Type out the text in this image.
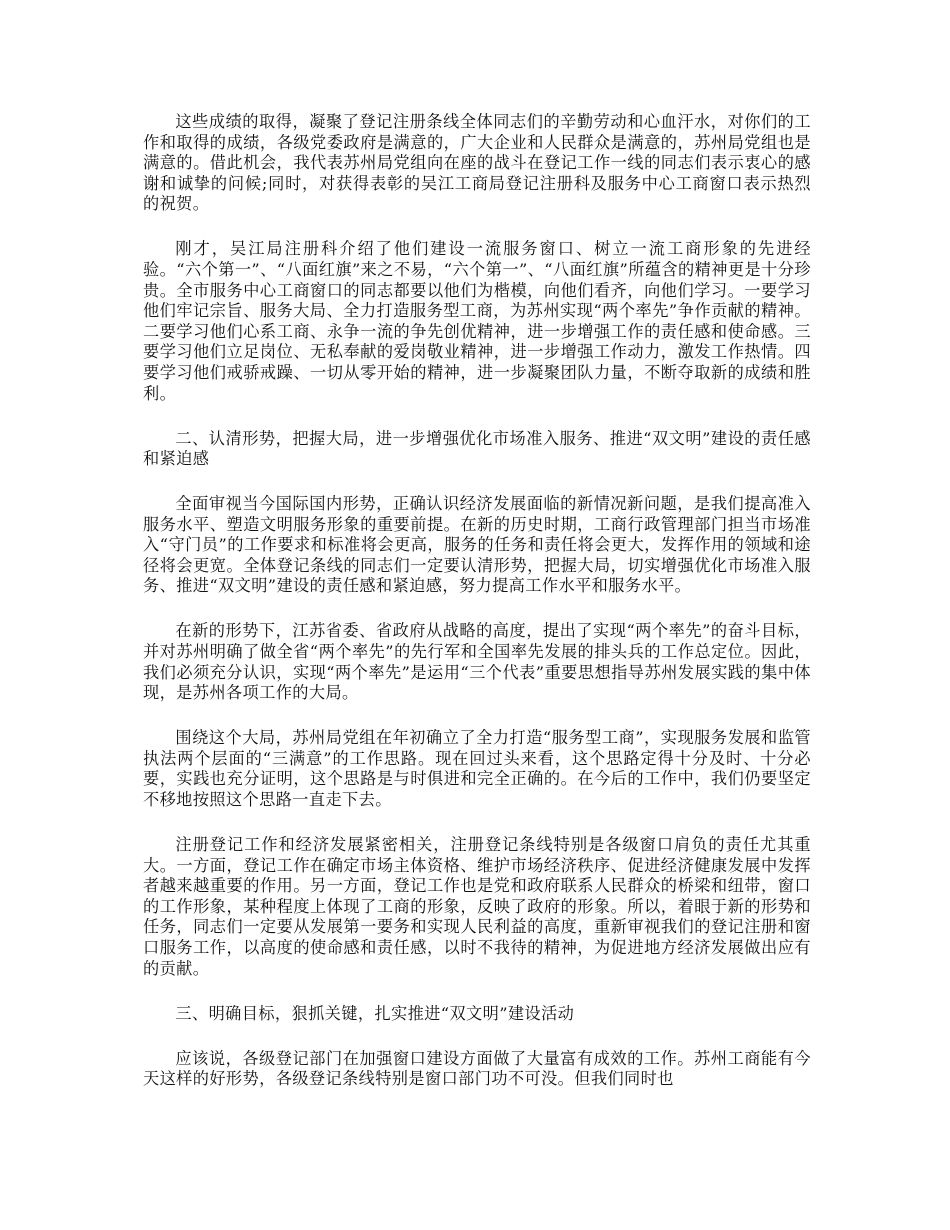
这些成绩的取得，凝聚了登记注册条线全体同志们的辛勤劳动和心血汗水，对你们的工作和取得的成绩，各级党委政府是满意的，广大企业和人民群众是满意的，苏州局党组也是满意的。借此机会，我代表苏州局党组向在座的战斗在登记工作一线的同志们表示衷心的感谢和诚挚的问候;同时，对获得表彰的吴江工商局登记注册科及服务中心工商窗口表示热烈的祝贺。

刚才，吴江局注册科介绍了他们建设一流服务窗口、树立一流工商形象的先进经验。“六个第一”、“八面红旗”来之不易，“六个第一”、“八面红旗”所蕴含的精神更是十分珍贵。全市服务中心工商窗口的同志都要以他们为楷模，向他们看齐，向他们学习。一要学习他们牢记宗旨、服务大局、全力打造服务型工商，为苏州实现“两个率先”争作贡献的精神。二要学习他们心系工商、永争一流的争先创优精神，进一步增强工作的责任感和使命感。三要学习他们立足岗位、无私奉献的爱岗敬业精神，进一步增强工作动力，激发工作热情。四要学习他们戒骄戒躁、一切从零开始的精神，进一步凝聚团队力量，不断夺取新的成绩和胜利。

二、认清形势，把握大局，进一步增强优化市场准入服务、推进“双文明”建设的责任感和紧迫感

全面审视当今国际国内形势，正确认识经济发展面临的新情况新问题，是我们提高准入服务水平、塑造文明服务形象的重要前提。在新的历史时期，工商行政管理部门担当市场准入“守门员”的工作要求和标准将会更高，服务的任务和责任将会更大，发挥作用的领域和途径将会更宽。全体登记条线的同志们一定要认清形势，把握大局，切实增强优化市场准入服务、推进“双文明”建设的责任感和紧迫感，努力提高工作水平和服务水平。

在新的形势下，江苏省委、省政府从战略的高度，提出了实现“两个率先”的奋斗目标，并对苏州明确了做全省“两个率先”的先行军和全国率先发展的排头兵的工作总定位。因此，我们必须充分认识，实现“两个率先”是运用“三个代表”重要思想指导苏州发展实践的集中体现，是苏州各项工作的大局。

围绕这个大局，苏州局党组在年初确立了全力打造“服务型工商”，实现服务发展和监管执法两个层面的“三满意”的工作思路。现在回过头来看，这个思路定得十分及时、十分必要，实践也充分证明，这个思路是与时俱进和完全正确的。在今后的工作中，我们仍要坚定不移地按照这个思路一直走下去。

注册登记工作和经济发展紧密相关，注册登记条线特别是各级窗口肩负的责任尤其重大。一方面，登记工作在确定市场主体资格、维护市场经济秩序、促进经济健康发展中发挥者越来越重要的作用。另一方面，登记工作也是党和政府联系人民群众的桥梁和纽带，窗口的工作形象，某种程度上体现了工商的形象，反映了政府的形象。所以，着眼于新的形势和任务，同志们一定要从发展第一要务和实现人民利益的高度，重新审视我们的登记注册和窗口服务工作，以高度的使命感和责任感，以时不我待的精神，为促进地方经济发展做出应有的贡献。

三、明确目标，狠抓关键，扎实推进“双文明”建设活动

应该说，各级登记部门在加强窗口建设方面做了大量富有成效的工作。苏州工商能有今天这样的好形势，各级登记条线特别是窗口部门功不可没。但我们同时也
